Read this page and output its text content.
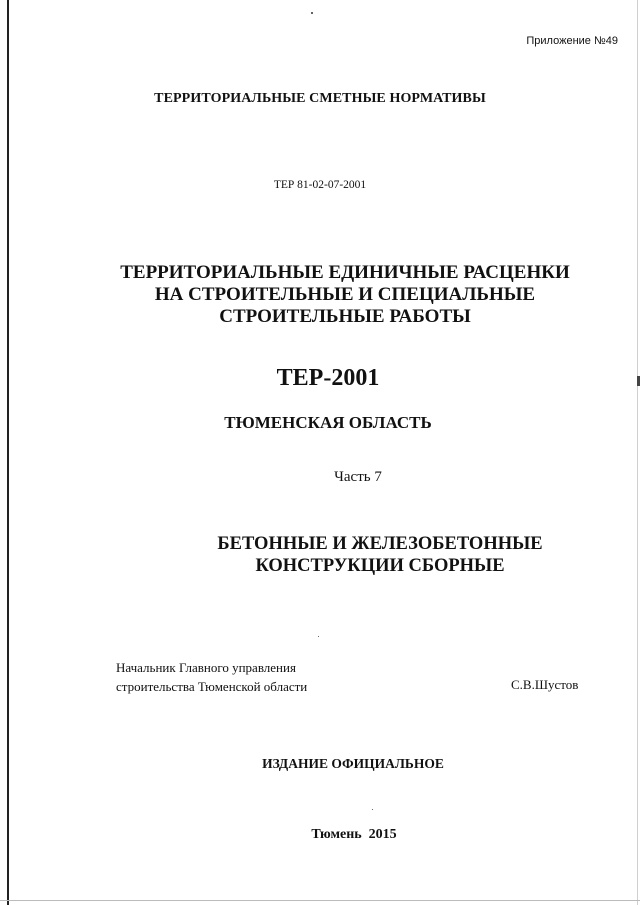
Приложение №49
ТЕРРИТОРИАЛЬНЫЕ СМЕТНЫЕ НОРМАТИВЫ
ТЕР 81-02-07-2001
ТЕРРИТОРИАЛЬНЫЕ ЕДИНИЧНЫЕ РАСЦЕНКИ
НА СТРОИТЕЛЬНЫЕ И СПЕЦИАЛЬНЫЕ
СТРОИТЕЛЬНЫЕ РАБОТЫ
ТЕР-2001
ТЮМЕНСКАЯ ОБЛАСТЬ
Часть 7
БЕТОННЫЕ И ЖЕЛЕЗОБЕТОННЫЕ
КОНСТРУКЦИИ СБОРНЫЕ
Начальник Главного управления
строительства Тюменской области	С.В.Шустов
ИЗДАНИЕ ОФИЦИАЛЬНОЕ
Тюмень  2015
